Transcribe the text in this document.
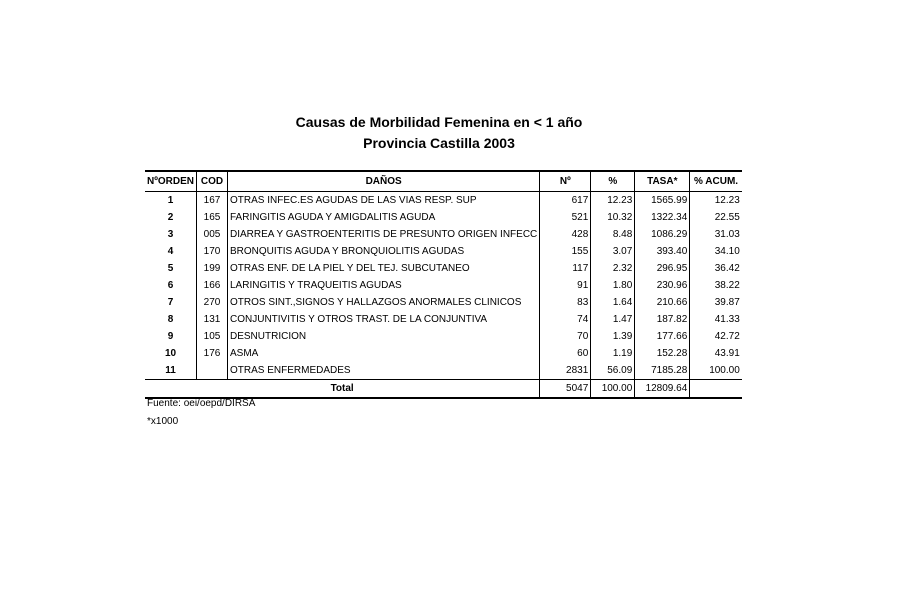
Causas de Morbilidad Femenina en < 1 año
Provincia Castilla 2003
NºORDEN	COD	DAÑOS	Nº	%	TASA*	% ACUM.
1	167	OTRAS INFEC.ES AGUDAS DE LAS VIAS RESP. SUP	617	12.23	1565.99	12.23
2	165	FARINGITIS AGUDA Y AMIGDALITIS AGUDA	521	10.32	1322.34	22.55
3	005	DIARREA Y GASTROENTERITIS DE PRESUNTO ORIGEN INFECC	428	8.48	1086.29	31.03
4	170	BRONQUITIS AGUDA Y BRONQUIOLITIS AGUDAS	155	3.07	393.40	34.10
5	199	OTRAS ENF. DE LA PIEL Y DEL TEJ. SUBCUTANEO	117	2.32	296.95	36.42
6	166	LARINGITIS Y TRAQUEITIS AGUDAS	91	1.80	230.96	38.22
7	270	OTROS SINT.,SIGNOS Y HALLAZGOS ANORMALES CLINICOS	83	1.64	210.66	39.87
8	131	CONJUNTIVITIS Y OTROS TRAST. DE LA CONJUNTIVA	74	1.47	187.82	41.33
9	105	DESNUTRICION	70	1.39	177.66	42.72
10	176	ASMA	60	1.19	152.28	43.91
11		OTRAS ENFERMEDADES	2831	56.09	7185.28	100.00
Total			5047	100.00	12809.64	
Fuente: oei/oepd/DIRSA
*x1000
